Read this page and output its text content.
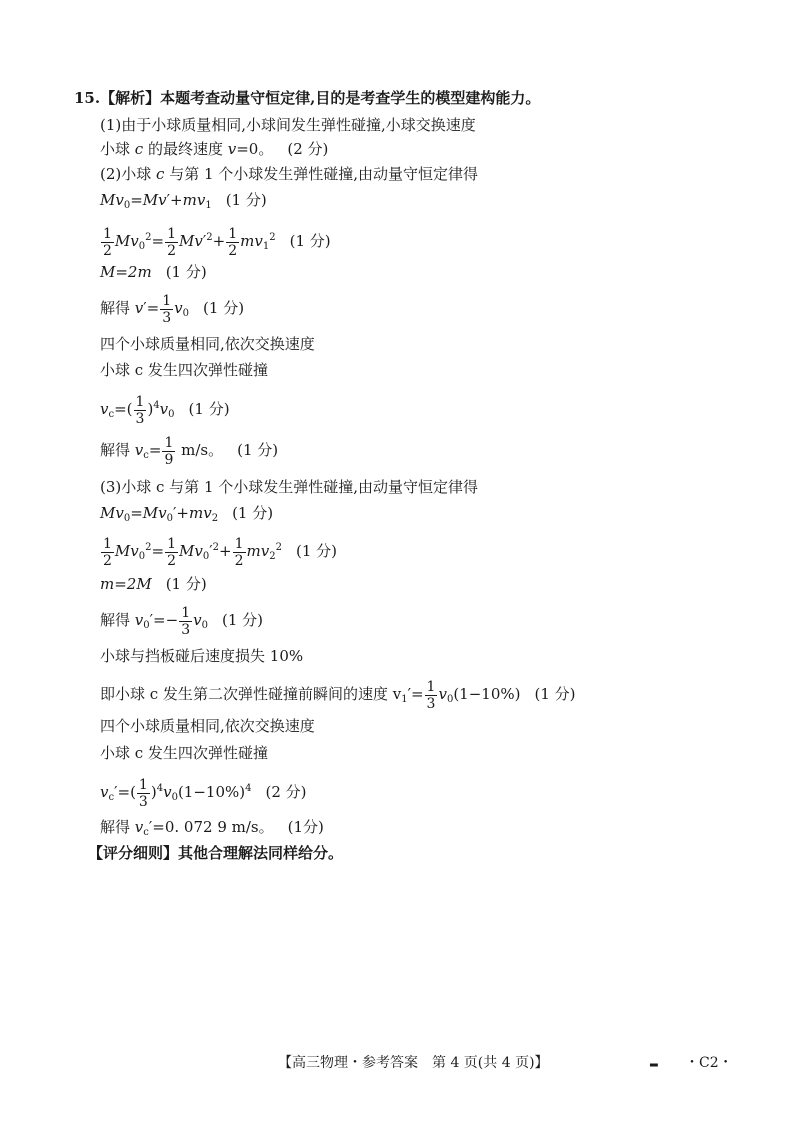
15.【解析】本题考查动量守恒定律,目的是考查学生的模型建构能力。
(1)由于小球质量相同,小球间发生弹性碰撞,小球交换速度
小球 c 的最终速度 v=0。 (2 分)
(2)小球 c 与第 1 个小球发生弹性碰撞,由动量守恒定律得
$Mv_0=Mv'+mv_1$ (1 分)
$\frac{1}{2} Mv_0^2= \frac{1}{2} Mv'^2+ \frac{1}{2} mv_1^2$ (1 分)
M=2m (1 分)
解得 $v'= \frac{1}{3} v_0$ (1 分)
四个小球质量相同,依次交换速度
小球 c 发生四次弹性碰撞
$v_c=( \frac{1}{3} )^4v_0$ (1 分)
解得 $v_c= \frac{1}{9} m/s$。 (1 分)
(3)小球 c 与第 1 个小球发生弹性碰撞,由动量守恒定律得
$Mv_0=Mv_0'+mv_2$ (1 分)
$\frac{1}{2} Mv_0^2= \frac{1}{2} Mv_0'^2+ \frac{1}{2} mv_2^2$ (1 分)
m=2M (1 分)
解得 $v_0'=- \frac{1}{3} v_0$ (1 分)
小球与挡板碰后速度损失 10%
即小球 c 发生第二次弹性碰撞前瞬间的速度 $v_1'= \frac{1}{3} v_0(1-10\%)$ (1 分)
四个小球质量相同,依次交换速度
小球 c 发生四次弹性碰撞
$v_c'=( \frac{1}{3} )^4v_0(1-10\%)^4$ (2 分)
解得 $v_c'=0$. 072 9 m/s。 (1分)
【评分细则】其他合理解法同样给分。
【高三物理・参考答案　第 4 页(共 4 页)】	▂ ・C2・
